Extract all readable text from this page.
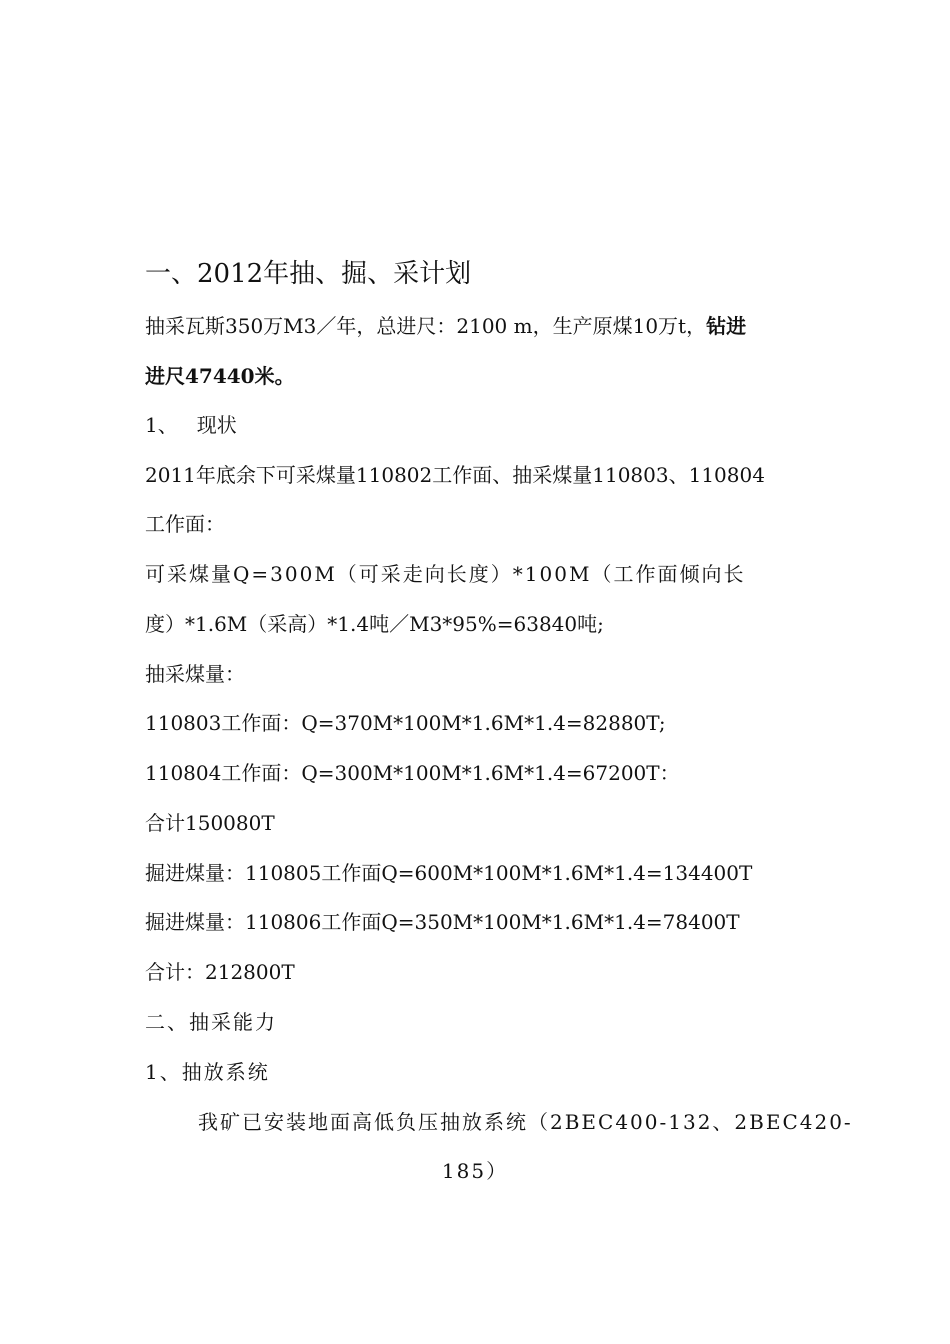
一、2012年抽、掘、采计划
抽采瓦斯350万M3／年，总进尺：2100 m，生产原煤10万t，钻进
进尺47440米。
1、   现状
2011年底余下可采煤量110802工作面、抽采煤量110803、110804
工作面：
可采煤量Q=300M（可采走向长度）*100M（工作面倾向长
度）*1.6M（采高）*1.4吨／M3*95%=63840吨;
抽采煤量：
110803工作面：Q=370M*100M*1.6M*1.4=82880T;
110804工作面：Q=300M*100M*1.6M*1.4=67200T：
合计150080T
掘进煤量：110805工作面Q=600M*100M*1.6M*1.4=134400T
掘进煤量：110806工作面Q=350M*100M*1.6M*1.4=78400T
合计：212800T
二、抽采能力
1、抽放系统
我矿已安装地面高低负压抽放系统（2BEC400-132、2BEC420-
185）
